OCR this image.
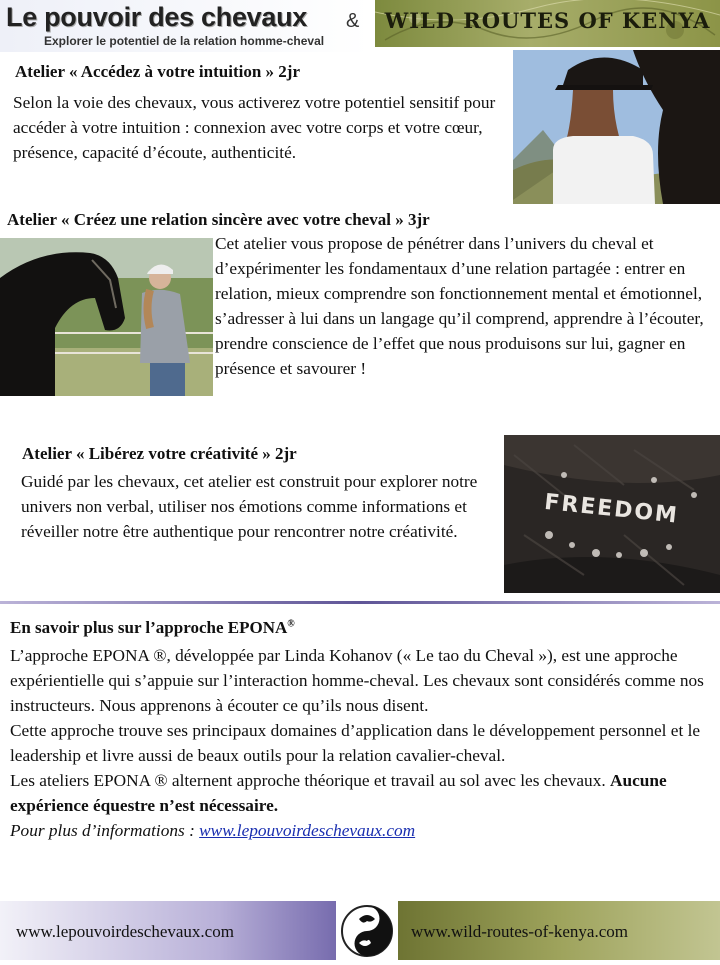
Le pouvoir des chevaux
Explorer le potentiel de la relation homme-cheval
&	WILD ROUTES OF KENYA
Atelier « Accédez à votre intuition » 2jr
Selon la voie des chevaux, vous activerez votre potentiel sensitif pour accéder à votre intuition : connexion avec votre corps et votre cœur, présence, capacité d’écoute, authenticité.
Atelier « Créez une relation sincère avec votre cheval » 3jr
Cet atelier vous propose de pénétrer dans l’univers du cheval et d’expérimenter les fondamentaux d’une relation partagée : entrer en relation, mieux comprendre son fonctionnement mental et émotionnel, s’adresser à lui dans un langage qu’il comprend, apprendre à l’écouter, prendre conscience de l’effet que nous produisons sur lui, gagner en présence et savourer !
Atelier « Libérez votre créativité » 2jr
Guidé par les chevaux, cet atelier est construit pour explorer notre univers non verbal, utiliser nos émotions comme informations et réveiller notre être authentique pour rencontrer notre créativité.
FREEDOM
En savoir plus sur l’approche EPONA®

L’approche EPONA ®, développée par Linda Kohanov (« Le tao du Cheval »), est une approche expérientielle qui s’appuie sur l’interaction homme-cheval. Les chevaux sont considérés comme nos instructeurs. Nous apprenons à écouter ce qu’ils nous disent.

Cette approche trouve ses principaux domaines d’application dans le développement personnel et le leadership et livre aussi de beaux outils pour la relation cavalier-cheval.

Les ateliers EPONA ® alternent approche théorique et travail au sol avec les chevaux. Aucune expérience équestre n’est nécessaire.

Pour plus d’informations : www.lepouvoirdeschevaux.com

www.lepouvoirdeschevaux.com	www.wild-routes-of-kenya.com
